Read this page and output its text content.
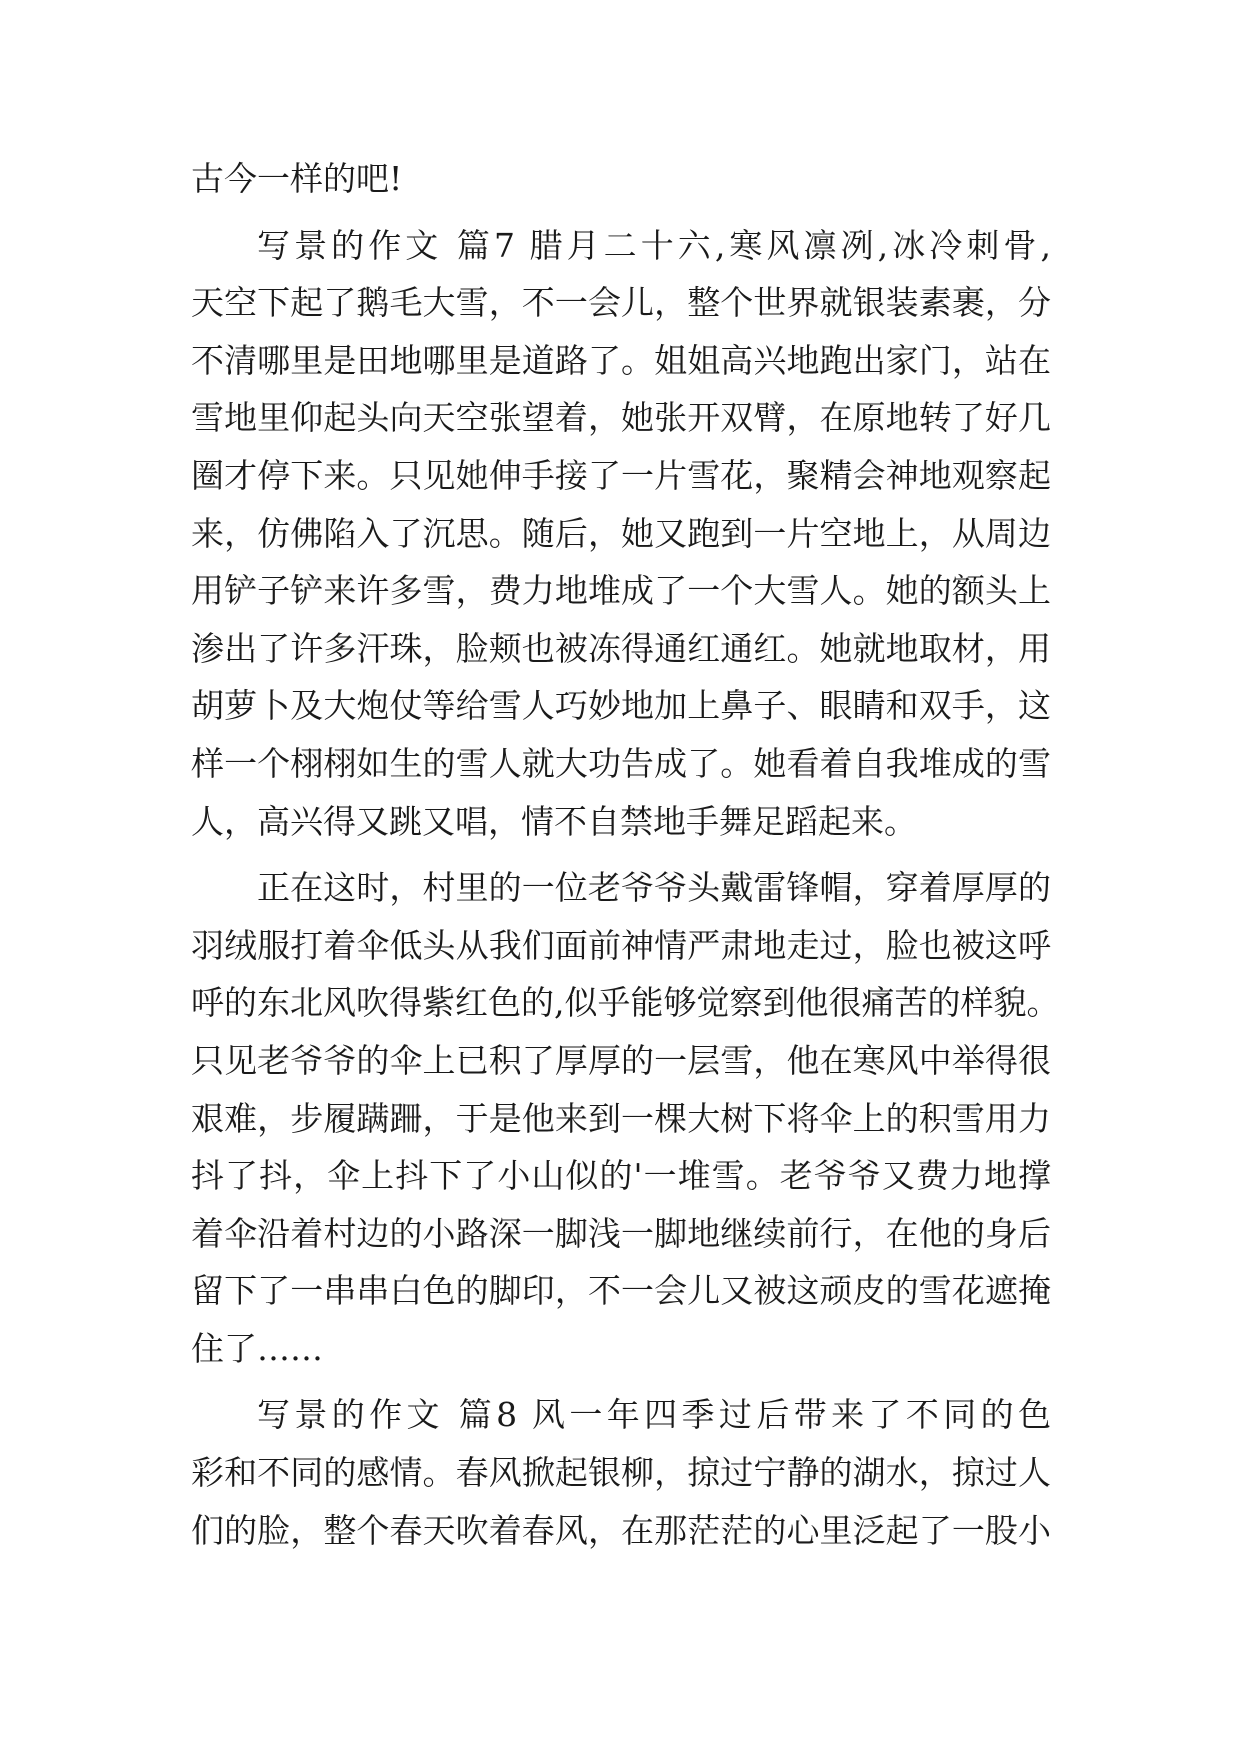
古今一样的吧!
写景的作文 篇7 腊月二十六,寒风凛冽,冰冷刺骨,
天空下起了鹅毛大雪，不一会儿，整个世界就银装素裹，分
不清哪里是田地哪里是道路了。姐姐高兴地跑出家门，站在
雪地里仰起头向天空张望着，她张开双臂，在原地转了好几
圈才停下来。只见她伸手接了一片雪花，聚精会神地观察起
来，仿佛陷入了沉思。随后，她又跑到一片空地上，从周边
用铲子铲来许多雪，费力地堆成了一个大雪人。她的额头上
渗出了许多汗珠，脸颊也被冻得通红通红。她就地取材，用
胡萝卜及大炮仗等给雪人巧妙地加上鼻子、眼睛和双手，这
样一个栩栩如生的雪人就大功告成了。她看着自我堆成的雪
人，高兴得又跳又唱，情不自禁地手舞足蹈起来。
正在这时，村里的一位老爷爷头戴雷锋帽，穿着厚厚的
羽绒服打着伞低头从我们面前神情严肃地走过，脸也被这呼
呼的东北风吹得紫红色的,似乎能够觉察到他很痛苦的样貌。
只见老爷爷的伞上已积了厚厚的一层雪，他在寒风中举得很
艰难，步履蹒跚，于是他来到一棵大树下将伞上的积雪用力
抖了抖，伞上抖下了小山似的'一堆雪。老爷爷又费力地撑
着伞沿着村边的小路深一脚浅一脚地继续前行，在他的身后
留下了一串串白色的脚印，不一会儿又被这顽皮的雪花遮掩
住了……
写景的作文 篇8 风一年四季过后带来了不同的色
彩和不同的感情。春风掀起银柳，掠过宁静的湖水，掠过人
们的脸，整个春天吹着春风，在那茫茫的心里泛起了一股小
